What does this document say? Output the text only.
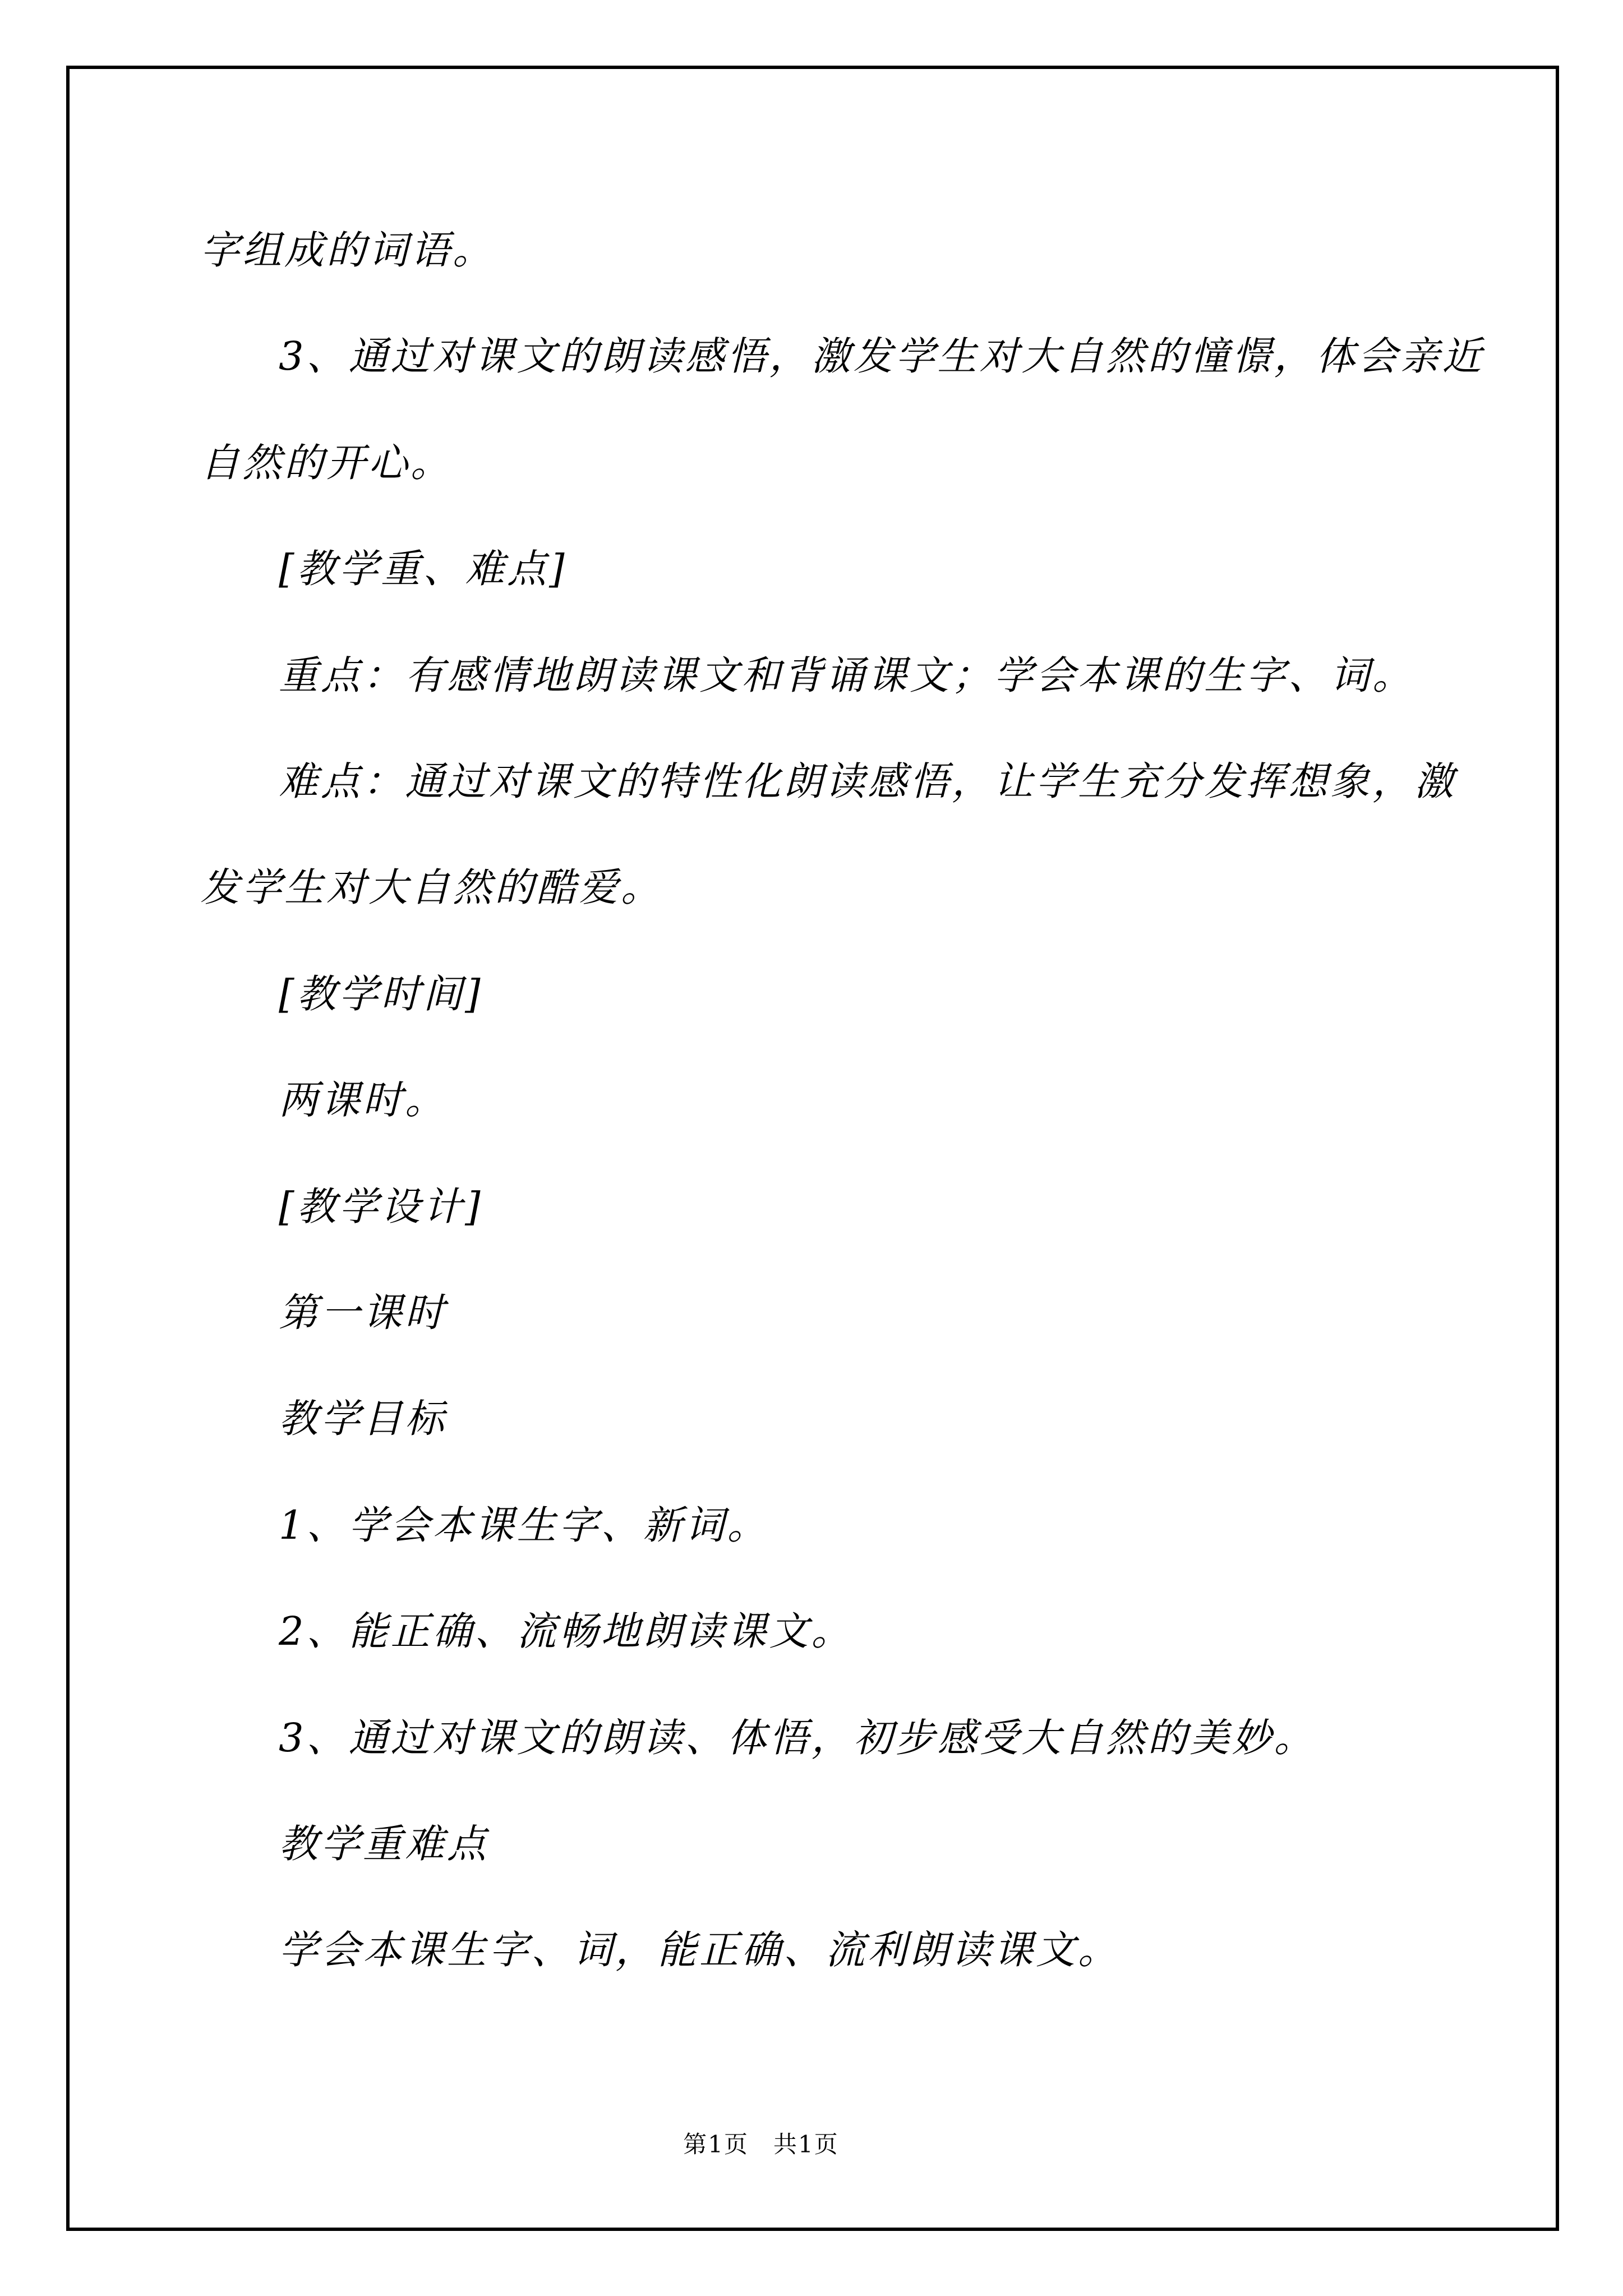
字组成的词语。
3、通过对课文的朗读感悟，激发学生对大自然的憧憬，体会亲近
自然的开心。
[教学重、难点]
重点：有感情地朗读课文和背诵课文；学会本课的生字、词。
难点：通过对课文的特性化朗读感悟，让学生充分发挥想象，激
发学生对大自然的酷爱。
[教学时间]
两课时。
[教学设计]
第一课时
教学目标
1、学会本课生字、新词。
2、能正确、流畅地朗读课文。
3、通过对课文的朗读、体悟，初步感受大自然的美妙。
教学重难点
学会本课生字、词，能正确、流利朗读课文。
第1页　共1页
